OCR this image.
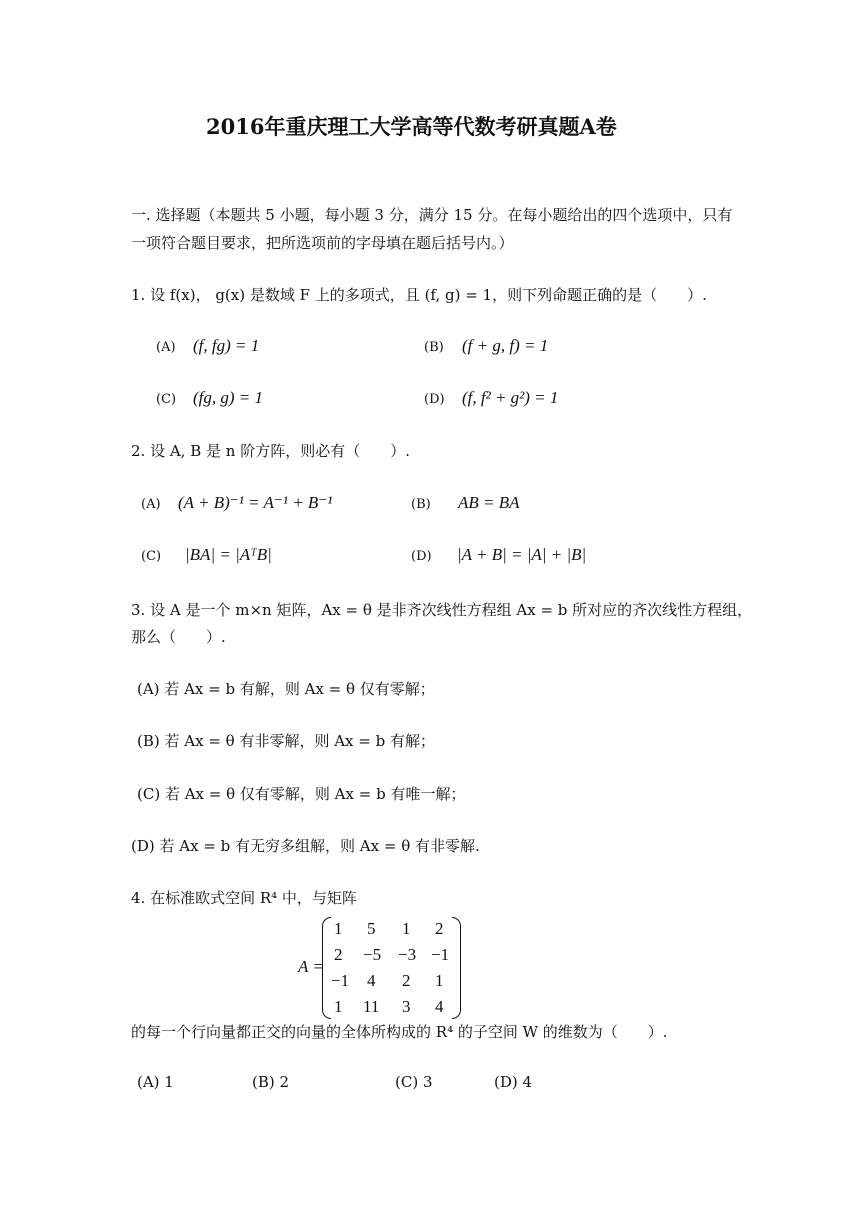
2016年重庆理工大学高等代数考研真题A卷
一. 选择题（本题共 5 小题，每小题 3 分，满分 15 分。在每小题给出的四个选项中，只有
一项符合题目要求，把所选项前的字母填在题后括号内。）
1. 设 f(x)， g(x) 是数域 F 上的多项式，且 (f, g) = 1，则下列命题正确的是（　　）.
(A) (f, fg) = 1	(B) (f + g, f) = 1
(C) (fg, g) = 1	(D) (f, f² + g²) = 1
2. 设 A, B 是 n 阶方阵，则必有（　　）.
(A) (A + B)⁻¹ = A⁻¹ + B⁻¹	(B) AB = BA
(C) |BA| = |AᵀB|	(D) |A + B| = |A| + |B|
3. 设 A 是一个 m×n 矩阵，Ax = θ 是非齐次线性方程组 Ax = b 所对应的齐次线性方程组，
那么（　　）.
(A) 若 Ax = b 有解，则 Ax = θ 仅有零解；
(B) 若 Ax = θ 有非零解，则 Ax = b 有解；
(C) 若 Ax = θ 仅有零解，则 Ax = b 有唯一解；
(D) 若 Ax = b 有无穷多组解，则 Ax = θ 有非零解.
4. 在标准欧式空间 R⁴ 中，与矩阵
A =
1 5 1 2
2 −5 −3 −1
−1 4 2 1
1 11 3 4
的每一个行向量都正交的向量的全体所构成的 R⁴ 的子空间 W 的维数为（　　）.
(A) 1	(B) 2	(C) 3	(D) 4
